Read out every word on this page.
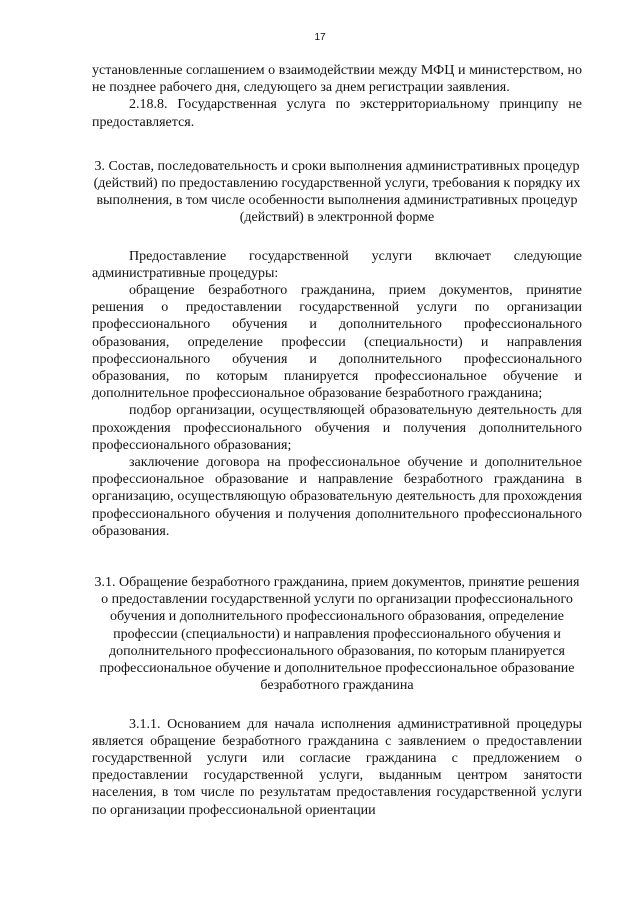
17

установленные соглашением о взаимодействии между МФЦ и министерством, но не позднее рабочего дня, следующего за днем регистрации заявления.

2.18.8. Государственная услуга по экстерриториальному принципу не предоставляется.

3. Состав, последовательность и сроки выполнения административных процедур (действий) по предоставлению государственной услуги, требования к порядку их выполнения, в том числе особенности выполнения административных процедур (действий) в электронной форме

Предоставление государственной услуги включает следующие административные процедуры:

обращение безработного гражданина, прием документов, принятие решения о предоставлении государственной услуги по организации профессионального обучения и дополнительного профессионального образования, определение профессии (специальности) и направления профессионального обучения и дополнительного профессионального образования, по которым планируется профессиональное обучение и дополнительное профессиональное образование безработного гражданина;

подбор организации, осуществляющей образовательную деятельность для прохождения профессионального обучения и получения дополнительного профессионального образования;

заключение договора на профессиональное обучение и дополнительное профессиональное образование и направление безработного гражданина в организацию, осуществляющую образовательную деятельность для прохождения профессионального обучения и получения дополнительного профессионального образования.

3.1. Обращение безработного гражданина, прием документов, принятие решения о предоставлении государственной услуги по организации профессионального обучения и дополнительного профессионального образования, определение профессии (специальности) и направления профессионального обучения и дополнительного профессионального образования, по которым планируется профессиональное обучение и дополнительное профессиональное образование безработного гражданина

3.1.1. Основанием для начала исполнения административной процедуры является обращение безработного гражданина с заявлением о предоставлении государственной услуги или согласие гражданина с предложением о предоставлении государственной услуги, выданным центром занятости населения, в том числе по результатам предоставления государственной услуги по организации профессиональной ориентации
